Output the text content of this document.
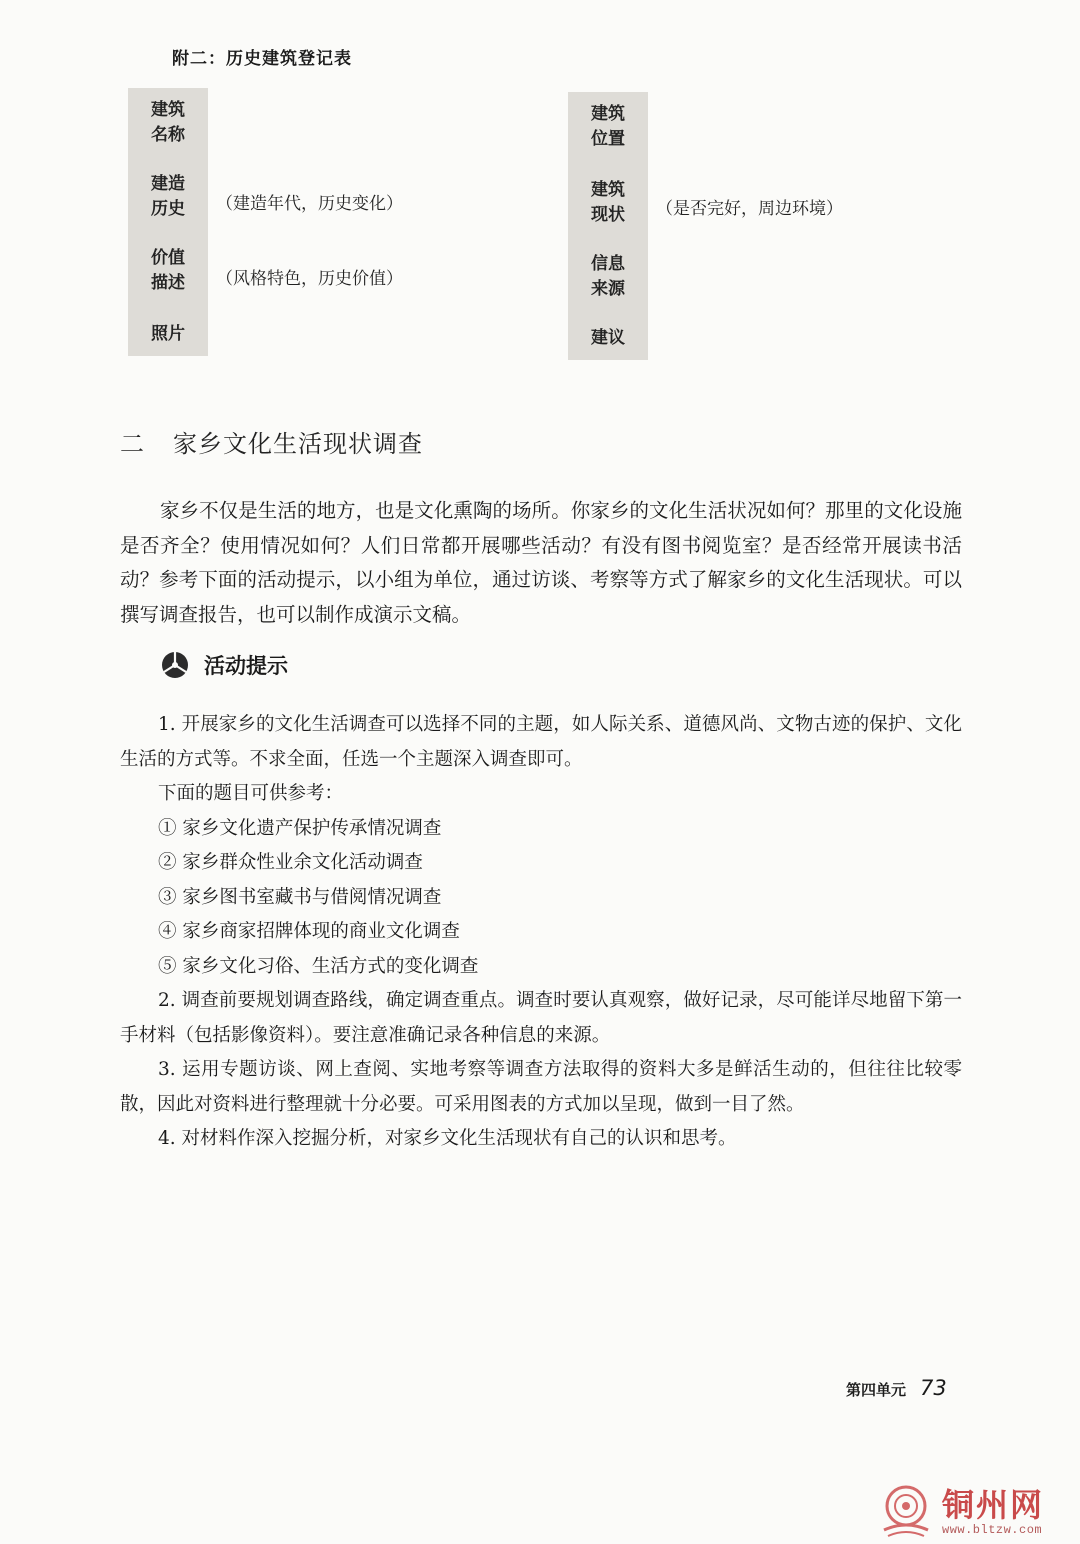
附二：历史建筑登记表
建筑
名称
建造
历史
价值
描述
照片
（建造年代，历史变化）
（风格特色，历史价值）
建筑
位置
建筑
现状
信息
来源
建议
（是否完好，周边环境）
二 家乡文化生活现状调查

家乡不仅是生活的地方，也是文化熏陶的场所。你家乡的文化生活状况如何？那里的文化设施是否齐全？使用情况如何？人们日常都开展哪些活动？有没有图书阅览室？是否经常开展读书活动？参考下面的活动提示，以小组为单位，通过访谈、考察等方式了解家乡的文化生活现状。可以撰写调查报告，也可以制作成演示文稿。

活动提示

1. 开展家乡的文化生活调查可以选择不同的主题，如人际关系、道德风尚、文物古迹的保护、文化生活的方式等。不求全面，任选一个主题深入调查即可。

下面的题目可供参考：

① 家乡文化遗产保护传承情况调查

② 家乡群众性业余文化活动调查

③ 家乡图书室藏书与借阅情况调查

④ 家乡商家招牌体现的商业文化调查

⑤ 家乡文化习俗、生活方式的变化调查

2. 调查前要规划调查路线，确定调查重点。调查时要认真观察，做好记录，尽可能详尽地留下第一手材料（包括影像资料）。要注意准确记录各种信息的来源。

3. 运用专题访谈、网上查阅、实地考察等调查方法取得的资料大多是鲜活生动的，但往往比较零散，因此对资料进行整理就十分必要。可采用图表的方式加以呈现，做到一目了然。

4. 对材料作深入挖掘分析，对家乡文化生活现状有自己的认识和思考。

第四单元 73
铜州网
www.bltzw.com
